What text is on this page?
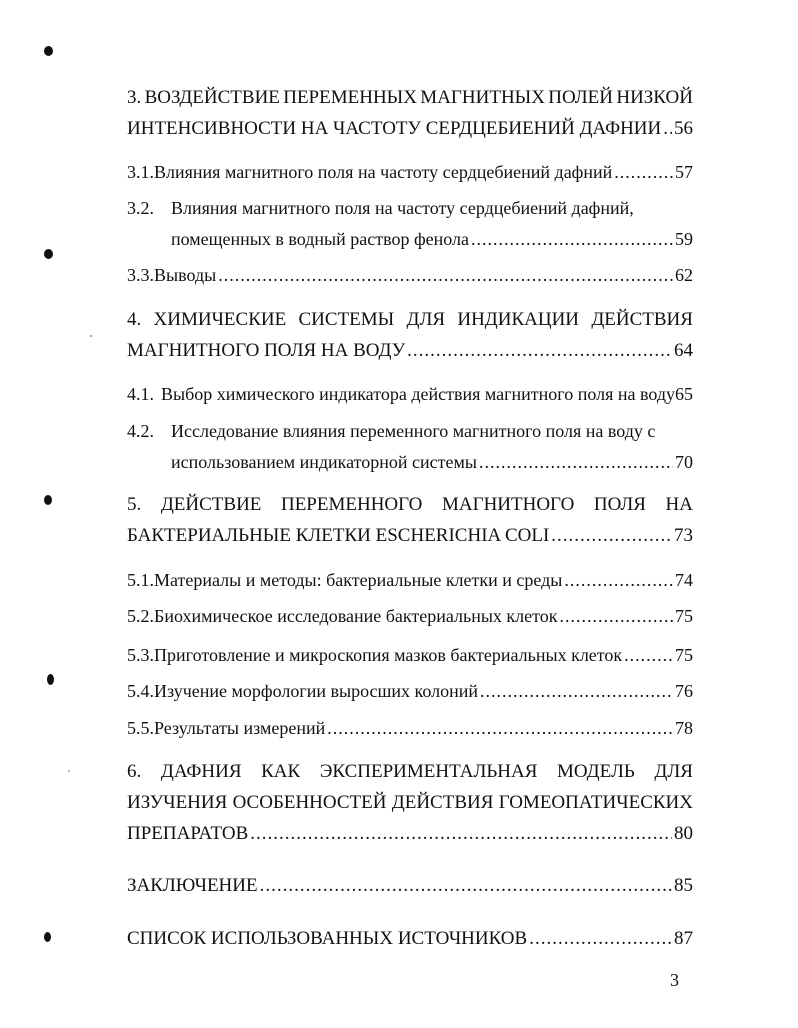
3. ВОЗДЕЙСТВИЕ ПЕРЕМЕННЫХ МАГНИТНЫХ ПОЛЕЙ НИЗКОЙ
ИНТЕНСИВНОСТИ НА ЧАСТОТУ СЕРДЦЕБИЕНИЙ ДАФНИИ ..... 56
3.1. Влияния магнитного поля на частоту сердцебиений дафний .....	57
3.2. Влияния магнитного поля на частоту сердцебиений дафний,
помещенных в водный раствор фенола .....	59
3.3. Выводы .....	62
4. ХИМИЧЕСКИЕ СИСТЕМЫ ДЛЯ ИНДИКАЦИИ ДЕЙСТВИЯ
МАГНИТНОГО ПОЛЯ НА ВОДУ .....	64
4.1. Выбор химического индикатора действия магнитного поля на воду 65
4.2. Исследование влияния переменного магнитного поля на воду с
использованием индикаторной системы .....	70
5. ДЕЙСТВИЕ ПЕРЕМЕННОГО МАГНИТНОГО ПОЛЯ НА
БАКТЕРИАЛЬНЫЕ КЛЕТКИ ESCHERICHIA COLI .....	73
5.1. Материалы и методы: бактериальные клетки и среды .....	74
5.2. Биохимическое исследование бактериальных клеток .....	75
5.3. Приготовление и микроскопия мазков бактериальных клеток .....	75
5.4. Изучение морфологии выросших колоний .....	76
5.5. Результаты измерений .....	78
6. ДАФНИЯ КАК ЭКСПЕРИМЕНТАЛЬНАЯ МОДЕЛЬ ДЛЯ
ИЗУЧЕНИЯ ОСОБЕННОСТЕЙ ДЕЙСТВИЯ ГОМЕОПАТИЧЕСКИХ
ПРЕПАРАТОВ .....	80
ЗАКЛЮЧЕНИЕ .....	85
СПИСОК ИСПОЛЬЗОВАННЫХ ИСТОЧНИКОВ .....	87
3
